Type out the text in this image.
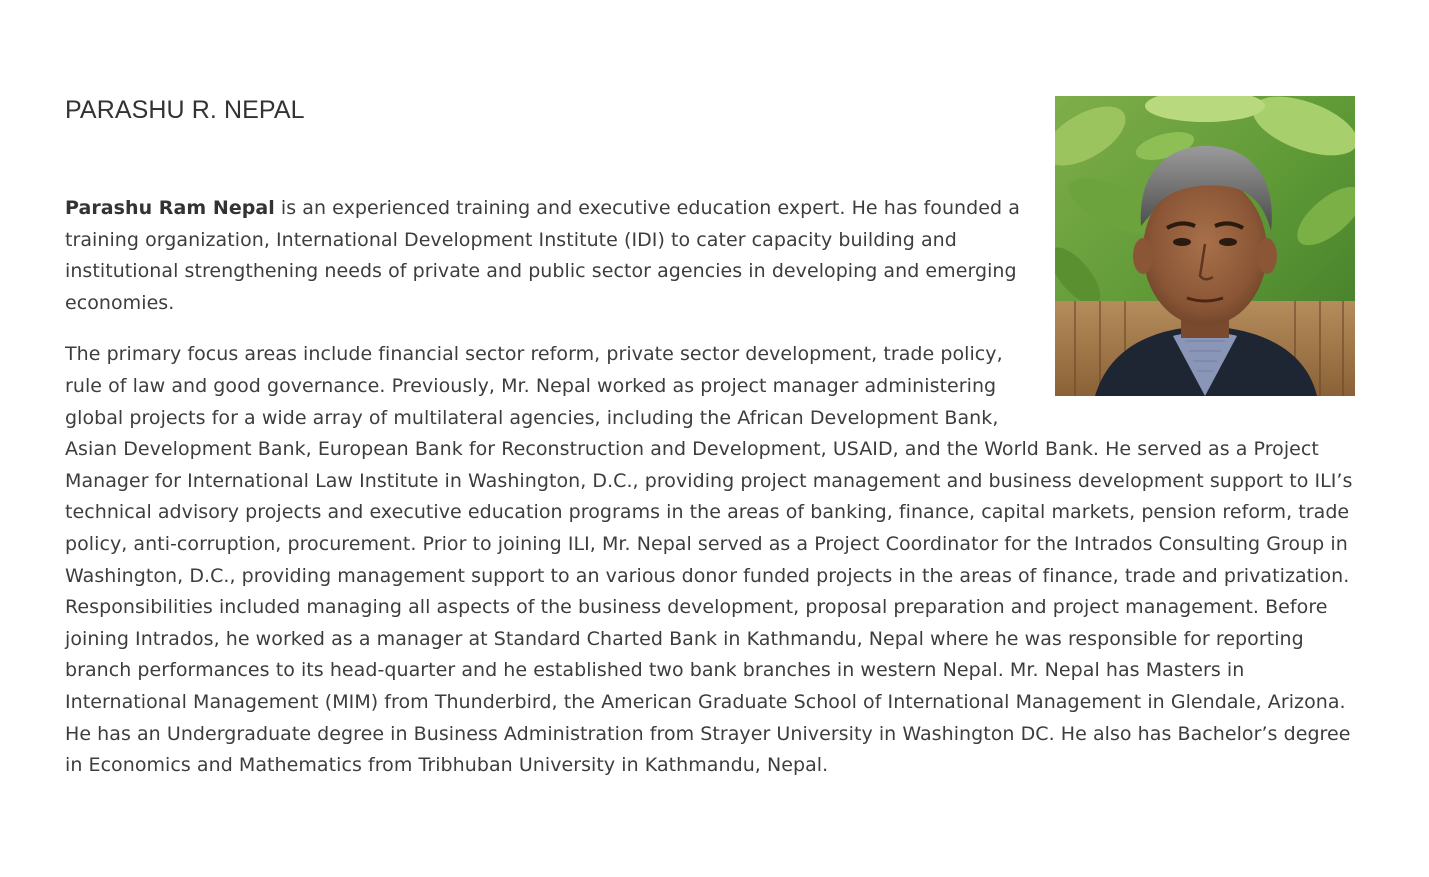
PARASHU R. NEPAL

Parashu Ram Nepal is an experienced training and executive education expert. He has founded a training organization, International Development Institute (IDI) to cater capacity building and institutional strengthening needs of private and public sector agencies in developing and emerging economies.

The primary focus areas include financial sector reform, private sector development, trade policy, rule of law and good governance. Previously, Mr. Nepal worked as project manager administering global projects for a wide array of multilateral agencies, including the African Development Bank, Asian Development Bank, European Bank for Reconstruction and Development, USAID, and the World Bank. He served as a Project Manager for International Law Institute in Washington, D.C., providing project management and business development support to ILI’s technical advisory projects and executive education programs in the areas of banking, finance, capital markets, pension reform, trade policy, anti-corruption, procurement. Prior to joining ILI, Mr. Nepal served as a Project Coordinator for the Intrados Consulting Group in Washington, D.C., providing management support to an various donor funded projects in the areas of finance, trade and privatization. Responsibilities included managing all aspects of the business development, proposal preparation and project management. Before joining Intrados, he worked as a manager at Standard Charted Bank in Kathmandu, Nepal where he was responsible for reporting branch performances to its head-quarter and he established two bank branches in western Nepal. Mr. Nepal has Masters in International Management (MIM) from Thunderbird, the American Graduate School of International Management in Glendale, Arizona. He has an Undergraduate degree in Business Administration from Strayer University in Washington DC. He also has Bachelor’s degree in Economics and Mathematics from Tribhuban University in Kathmandu, Nepal.
